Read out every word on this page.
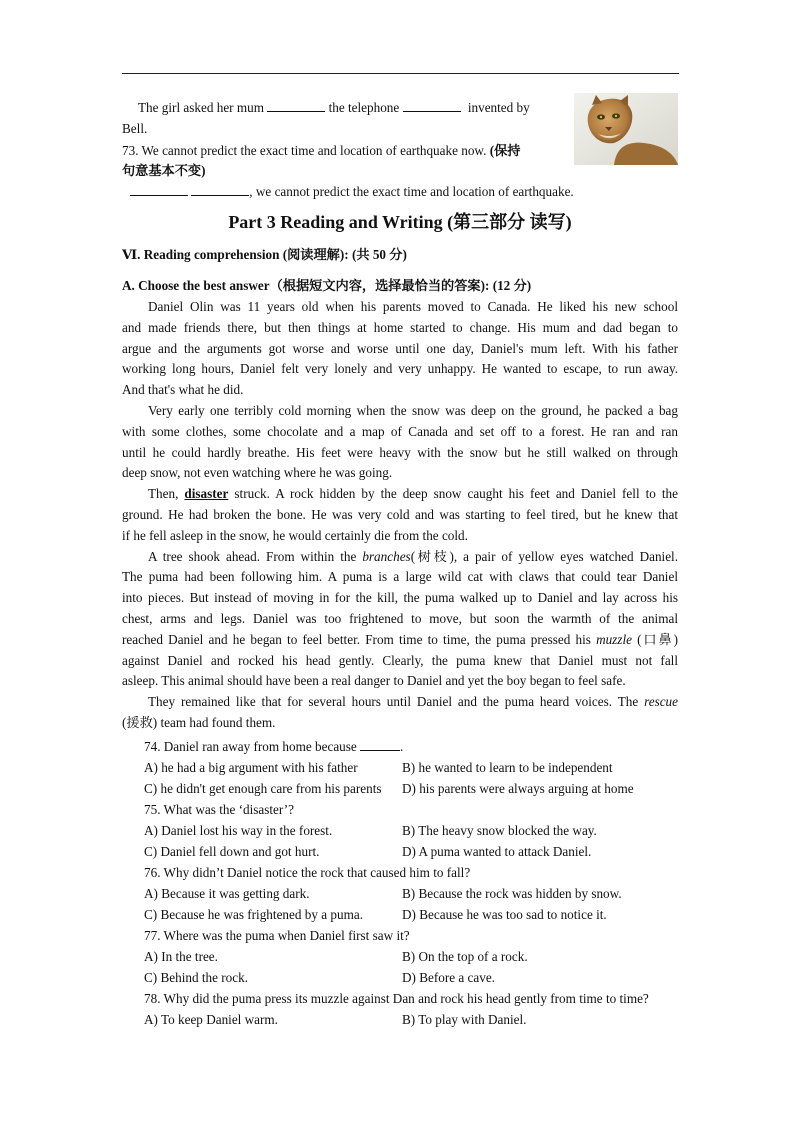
The girl asked her mum	the telephone	invented by
Bell.
73. We cannot predict the exact time and location of earthquake now. (保持
句意基本不变)
, we cannot predict the exact time and location of earthquake.
Part 3 Reading and Writing (第三部分 读写)
Ⅵ. Reading comprehension (阅读理解): (共 50 分)
A. Choose the best answer（根据短文内容，选择最恰当的答案): (12 分)
Daniel Olin was 11 years old when his parents moved to Canada. He liked his new school
and made friends there, but then things at home started to change. His mum and dad began to
argue and the arguments got worse and worse until one day, Daniel's mum left. With his father
working long hours, Daniel felt very lonely and very unhappy. He wanted to escape, to run away.
And that's what he did.
Very early one terribly cold morning when the snow was deep on the ground, he packed a bag
with some clothes, some chocolate and a map of Canada and set off to a forest. He ran and ran
until he could hardly breathe. His feet were heavy with the snow but he still walked on through
deep snow, not even watching where he was going.
Then, disaster struck. A rock hidden by the deep snow caught his feet and Daniel fell to the
ground. He had broken the bone. He was very cold and was starting to feel tired, but he knew that
if he fell asleep in the snow, he would certainly die from the cold.
A tree shook ahead. From within the branches(树枝), a pair of yellow eyes watched Daniel.
The puma had been following him. A puma is a large wild cat with claws that could tear Daniel
into pieces. But instead of moving in for the kill, the puma walked up to Daniel and lay across his
chest, arms and legs. Daniel was too frightened to move, but soon the warmth of the animal
reached Daniel and he began to feel better. From time to time, the puma pressed his muzzle (口鼻)
against Daniel and rocked his head gently. Clearly, the puma knew that Daniel must not fall
asleep. This animal should have been a real danger to Daniel and yet the boy began to feel safe.
They remained like that for several hours until Daniel and the puma heard voices. The rescue
(援救) team had found them.
74. Daniel ran away from home because	.
A) he had a big argument with his father	B) he wanted to learn to be independent
C) he didn't get enough care from his parents D) his parents were always arguing at home
75. What was the ‘disaster’?
A) Daniel lost his way in the forest.	B) The heavy snow blocked the way.
C) Daniel fell down and got hurt.	D) A puma wanted to attack Daniel.
76. Why didn’t Daniel notice the rock that caused him to fall?
A) Because it was getting dark.	B) Because the rock was hidden by snow.
C) Because he was frightened by a puma.	D) Because he was too sad to notice it.
77. Where was the puma when Daniel first saw it?
A) In the tree.	B) On the top of a rock.
C) Behind the rock.	D) Before a cave.
78. Why did the puma press its muzzle against Dan and rock his head gently from time to time?
A) To keep Daniel warm.	B) To play with Daniel.
